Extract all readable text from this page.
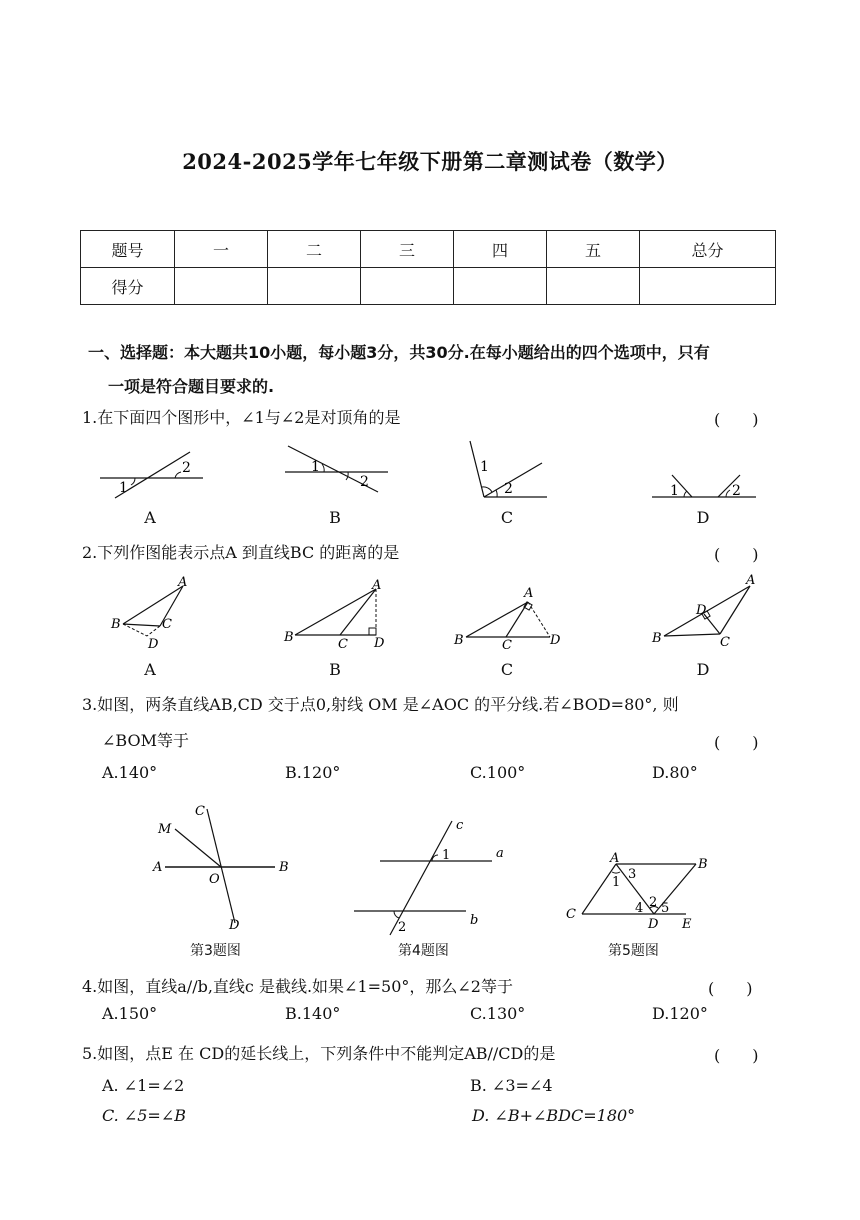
2024-2025学年七年级下册第二章测试卷（数学）
题号	一	二	三	四	五	总分
得分						
一、选择题：本大题共10小题，每小题3分，共30分.在每小题给出的四个选项中，只有
一项是符合题目要求的.
1.在下面四个图形中，∠1与∠2是对顶角的是	(　　)
2
1
A
1
2
B
1
2
C
1	2
D
2.下列作图能表示点A 到直线BC 的距离的是	(　　)
A
B	C
D
A
A
B	C D
B
A
B	C	D
C
A
B	C
D
D
3.如图，两条直线AB,CD 交于点0,射线 OM 是∠AOC 的平分线.若∠BOD=80°, 则
∠BOM等于	(　　)
A.140°	B.120°	C.100°	D.80°
C
M
A
O
B
D
c
1	a
b
2
A	B
C
D E
1
3
2
4 5
第3题图	第4题图	第5题图
4.如图，直线a//b,直线c 是截线.如果∠1=50°，那么∠2等于	(　　)
A.150°	B.140°	C.130°	D.120°
5.如图，点E 在 CD的延长线上，下列条件中不能判定AB//CD的是	(　　)
A. ∠1=∠2	B. ∠3=∠4
C. ∠5=∠B	D. ∠B+∠BDC=180°
